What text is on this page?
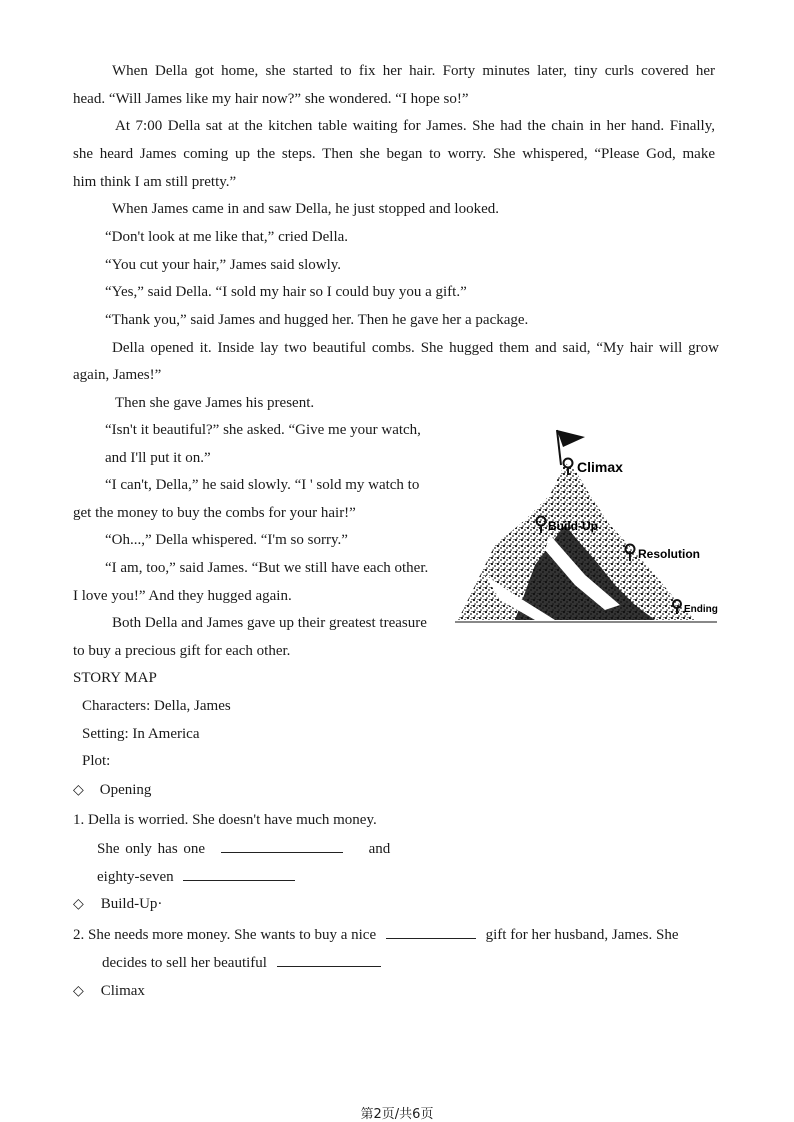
When Della got home, she started to fix her hair. Forty minutes later, tiny curls covered her
head. “Will James like my hair now?” she wondered. “I hope so!”
At 7:00 Della sat at the kitchen table waiting for James. She had the chain in her hand. Finally,
she heard James coming up the steps. Then she began to worry. She whispered, “Please God, make
him think I am still pretty.”
When James came in and saw Della, he just stopped and looked.
“Don't look at me like that,” cried Della.
“You cut your hair,” James said slowly.
“Yes,” said Della. “I sold my hair so I could buy you a gift.”
“Thank you,” said James and hugged her. Then he gave her a package.
Della opened it. Inside lay two beautiful combs. She hugged them and said, “My hair will grow
again, James!”
Then she gave James his present.
“Isn't it beautiful?” she asked. “Give me your watch,
and I'll put it on.”
“I can't, Della,” he said slowly. “I ' sold my watch to
get the money to buy the combs for your hair!”
“Oh...,” Della whispered. “I'm so sorry.”
“I am, too,” said James. “But we still have each other.
I love you!” And they hugged again.
Both Della and James gave up their greatest treasure
to buy a precious gift for each other.
Climax
Build-Up
Resolution
Ending
STORY MAP
Characters: Della, James
Setting: In America
Plot:
◇ Opening
1. Della is worried. She doesn't have much money.
She only has one	and
eighty-seven
◇ Build-Up·
2. She needs more money. She wants to buy a nice	gift for her husband, James. She
decides to sell her beautiful
◇ Climax
第2页/共6页
